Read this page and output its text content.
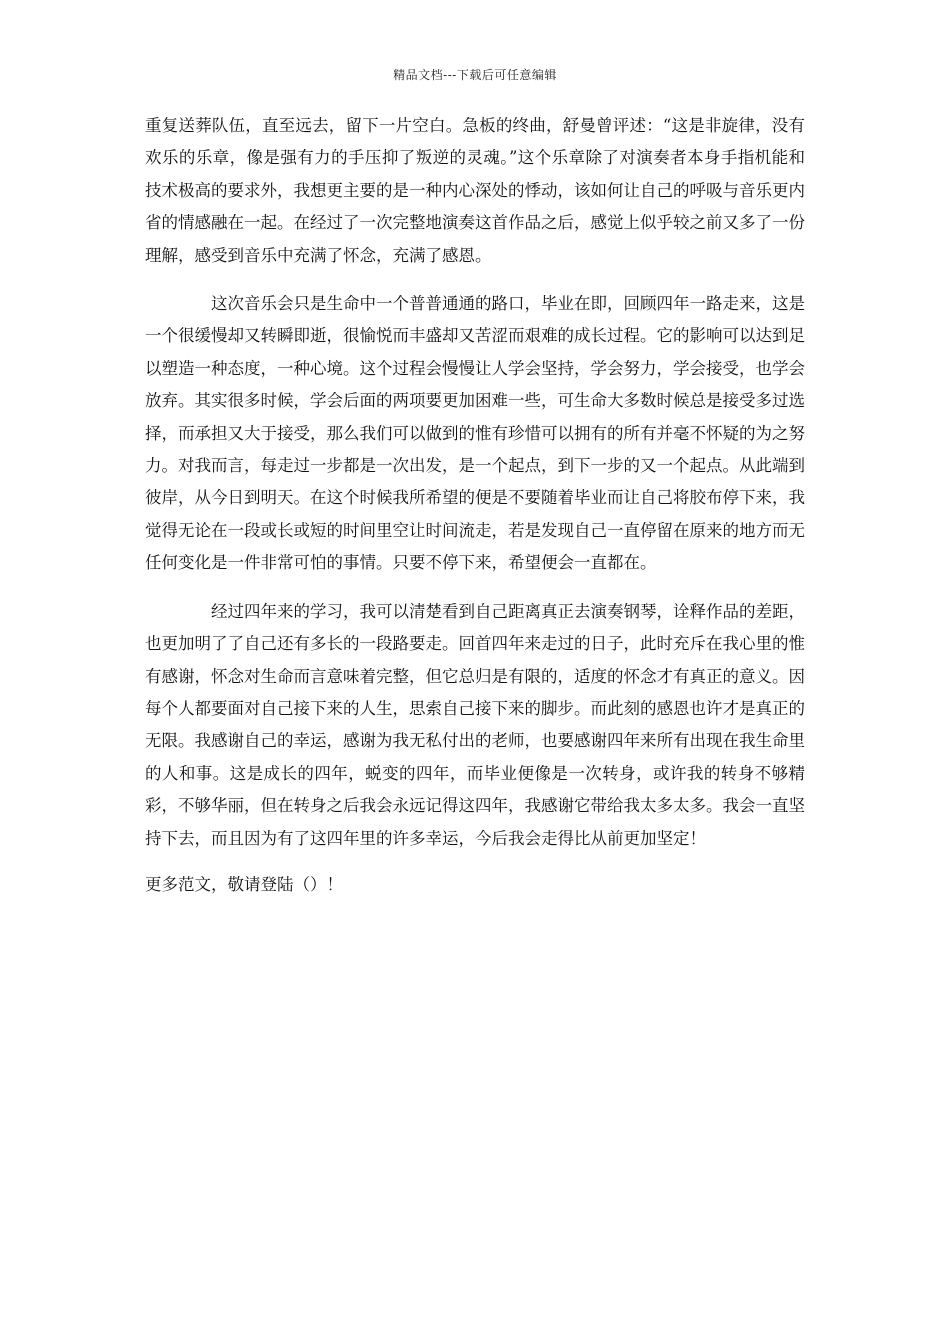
精品文档---下载后可任意编辑

重复送葬队伍，直至远去，留下一片空白。急板的终曲，舒曼曾评述：“这是非旋律，没有欢乐的乐章，像是强有力的手压抑了叛逆的灵魂。”这个乐章除了对演奏者本身手指机能和技术极高的要求外，我想更主要的是一种内心深处的悸动，该如何让自己的呼吸与音乐更内省的情感融在一起。在经过了一次完整地演奏这首作品之后，感觉上似乎较之前又多了一份理解，感受到音乐中充满了怀念，充满了感恩。

这次音乐会只是生命中一个普普通通的路口，毕业在即，回顾四年一路走来，这是一个很缓慢却又转瞬即逝，很愉悦而丰盛却又苦涩而艰难的成长过程。它的影响可以达到足以塑造一种态度，一种心境。这个过程会慢慢让人学会坚持，学会努力，学会接受，也学会放弃。其实很多时候，学会后面的两项要更加困难一些，可生命大多数时候总是接受多过选择，而承担又大于接受，那么我们可以做到的惟有珍惜可以拥有的所有并毫不怀疑的为之努力。对我而言，每走过一步都是一次出发，是一个起点，到下一步的又一个起点。从此端到彼岸，从今日到明天。在这个时候我所希望的便是不要随着毕业而让自己将胶布停下来，我觉得无论在一段或长或短的时间里空让时间流走，若是发现自己一直停留在原来的地方而无任何变化是一件非常可怕的事情。只要不停下来，希望便会一直都在。

经过四年来的学习，我可以清楚看到自己距离真正去演奏钢琴，诠释作品的差距，也更加明了了自己还有多长的一段路要走。回首四年来走过的日子，此时充斥在我心里的惟有感谢，怀念对生命而言意味着完整，但它总归是有限的，适度的怀念才有真正的意义。因每个人都要面对自己接下来的人生，思索自己接下来的脚步。而此刻的感恩也许才是真正的无限。我感谢自己的幸运，感谢为我无私付出的老师，也要感谢四年来所有出现在我生命里的人和事。这是成长的四年，蜕变的四年，而毕业便像是一次转身，或许我的转身不够精彩，不够华丽，但在转身之后我会永远记得这四年，我感谢它带给我太多太多。我会一直坚持下去，而且因为有了这四年里的许多幸运，今后我会走得比从前更加坚定！

更多范文，敬请登陆（）！
